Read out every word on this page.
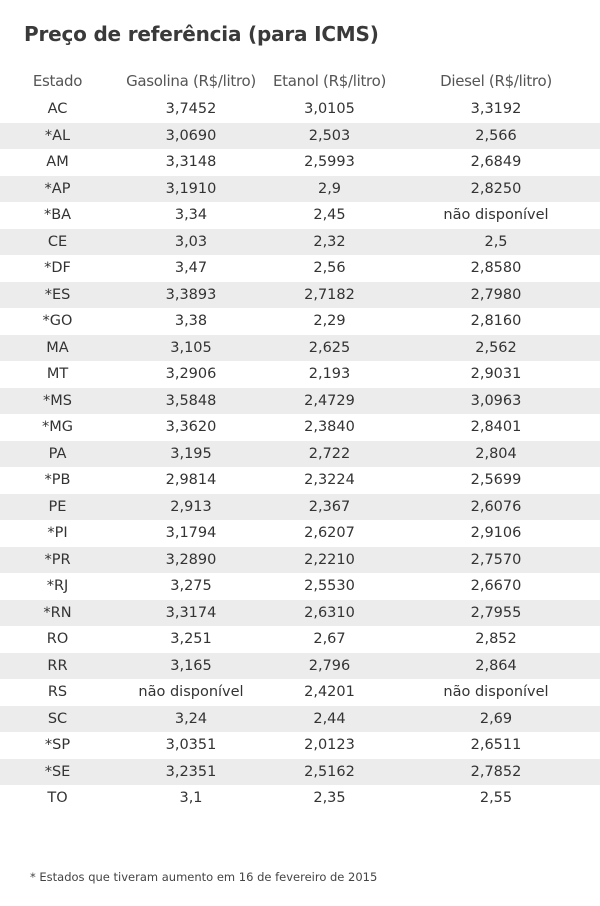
Preço de referência (para ICMS)
Estado	Gasolina (R$/litro)	Etanol (R$/litro)	Diesel (R$/litro)
AC	3,7452	3,0105	3,3192
*AL	3,0690	2,503	2,566
AM	3,3148	2,5993	2,6849
*AP	3,1910	2,9	2,8250
*BA	3,34	2,45	não disponível
CE	3,03	2,32	2,5
*DF	3,47	2,56	2,8580
*ES	3,3893	2,7182	2,7980
*GO	3,38	2,29	2,8160
MA	3,105	2,625	2,562
MT	3,2906	2,193	2,9031
*MS	3,5848	2,4729	3,0963
*MG	3,3620	2,3840	2,8401
PA	3,195	2,722	2,804
*PB	2,9814	2,3224	2,5699
PE	2,913	2,367	2,6076
*PI	3,1794	2,6207	2,9106
*PR	3,2890	2,2210	2,7570
*RJ	3,275	2,5530	2,6670
*RN	3,3174	2,6310	2,7955
RO	3,251	2,67	2,852
RR	3,165	2,796	2,864
RS	não disponível	2,4201	não disponível
SC	3,24	2,44	2,69
*SP	3,0351	2,0123	2,6511
*SE	3,2351	2,5162	2,7852
TO	3,1	2,35	2,55
* Estados que tiveram aumento em 16 de fevereiro de 2015
